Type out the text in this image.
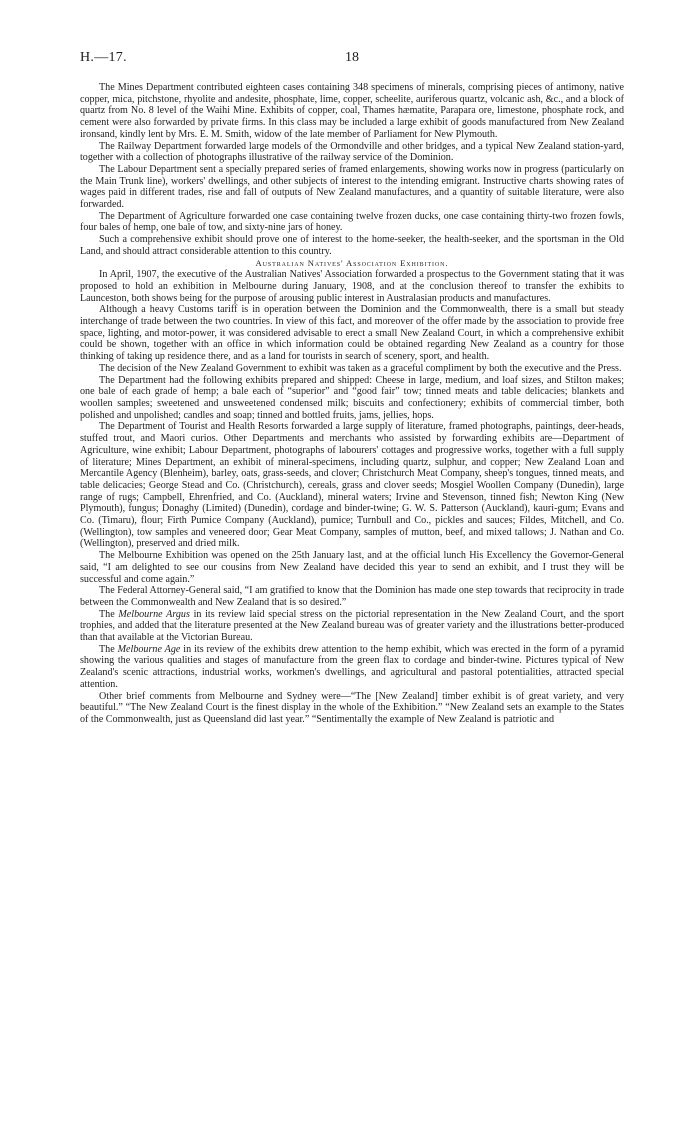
H.—17.	18

The Mines Department contributed eighteen cases containing 348 specimens of minerals, comprising pieces of antimony, native copper, mica, pitchstone, rhyolite and andesite, phosphate, lime, copper, scheelite, auriferous quartz, volcanic ash, &c., and a block of quartz from No. 8 level of the Waihi Mine. Exhibits of copper, coal, Thames hæmatite, Parapara ore, limestone, phosphate rock, and cement were also forwarded by private firms. In this class may be included a large exhibit of goods manufactured from New Zealand ironsand, kindly lent by Mrs. E. M. Smith, widow of the late member of Parliament for New Plymouth.

The Railway Department forwarded large models of the Ormondville and other bridges, and a typical New Zealand station-yard, together with a collection of photographs illustrative of the railway service of the Dominion.

The Labour Department sent a specially prepared series of framed enlargements, showing works now in progress (particularly on the Main Trunk line), workers' dwellings, and other subjects of interest to the intending emigrant. Instructive charts showing rates of wages paid in different trades, rise and fall of outputs of New Zealand manufactures, and a quantity of suitable literature, were also forwarded.

The Department of Agriculture forwarded one case containing twelve frozen ducks, one case containing thirty-two frozen fowls, four bales of hemp, one bale of tow, and sixty-nine jars of honey.

Such a comprehensive exhibit should prove one of interest to the home-seeker, the health-seeker, and the sportsman in the Old Land, and should attract considerable attention to this country.

Australian Natives' Association Exhibition.

In April, 1907, the executive of the Australian Natives' Association forwarded a prospectus to the Government stating that it was proposed to hold an exhibition in Melbourne during January, 1908, and at the conclusion thereof to transfer the exhibits to Launceston, both shows being for the purpose of arousing public interest in Australasian products and manufactures.

Although a heavy Customs tariff is in operation between the Dominion and the Commonwealth, there is a small but steady interchange of trade between the two countries. In view of this fact, and moreover of the offer made by the association to provide free space, lighting, and motor-power, it was considered advisable to erect a small New Zealand Court, in which a comprehensive exhibit could be shown, together with an office in which information could be obtained regarding New Zealand as a country for those thinking of taking up residence there, and as a land for tourists in search of scenery, sport, and health.

The decision of the New Zealand Government to exhibit was taken as a graceful compliment by both the executive and the Press.

The Department had the following exhibits prepared and shipped: Cheese in large, medium, and loaf sizes, and Stilton makes; one bale of each grade of hemp; a bale each of “superior” and “good fair” tow; tinned meats and table delicacies; blankets and woollen samples; sweetened and unsweetened condensed milk; biscuits and confectionery; exhibits of commercial timber, both polished and unpolished; candles and soap; tinned and bottled fruits, jams, jellies, hops.

The Department of Tourist and Health Resorts forwarded a large supply of literature, framed photographs, paintings, deer-heads, stuffed trout, and Maori curios. Other Departments and merchants who assisted by forwarding exhibits are—Department of Agriculture, wine exhibit; Labour Department, photographs of labourers' cottages and progressive works, together with a full supply of literature; Mines Department, an exhibit of mineral-specimens, including quartz, sulphur, and copper; New Zealand Loan and Mercantile Agency (Blenheim), barley, oats, grass-seeds, and clover; Christchurch Meat Company, sheep's tongues, tinned meats, and table delicacies; George Stead and Co. (Christchurch), cereals, grass and clover seeds; Mosgiel Woollen Company (Dunedin), large range of rugs; Campbell, Ehrenfried, and Co. (Auckland), mineral waters; Irvine and Stevenson, tinned fish; Newton King (New Plymouth), fungus; Donaghy (Limited) (Dunedin), cordage and binder-twine; G. W. S. Patterson (Auckland), kauri-gum; Evans and Co. (Timaru), flour; Firth Pumice Company (Auckland), pumice; Turnbull and Co., pickles and sauces; Fildes, Mitchell, and Co. (Wellington), tow samples and veneered door; Gear Meat Company, samples of mutton, beef, and mixed tallows; J. Nathan and Co. (Wellington), preserved and dried milk.

The Melbourne Exhibition was opened on the 25th January last, and at the official lunch His Excellency the Governor-General said, “I am delighted to see our cousins from New Zealand have decided this year to send an exhibit, and I trust they will be successful and come again.”

The Federal Attorney-General said, “I am gratified to know that the Dominion has made one step towards that reciprocity in trade between the Commonwealth and New Zealand that is so desired.”

The Melbourne Argus in its review laid special stress on the pictorial representation in the New Zealand Court, and the sport trophies, and added that the literature presented at the New Zealand bureau was of greater variety and the illustrations better-produced than that available at the Victorian Bureau.

The Melbourne Age in its review of the exhibits drew attention to the hemp exhibit, which was erected in the form of a pyramid showing the various qualities and stages of manufacture from the green flax to cordage and binder-twine. Pictures typical of New Zealand's scenic attractions, industrial works, workmen's dwellings, and agricultural and pastoral potentialities, attracted special attention.

Other brief comments from Melbourne and Sydney were—“The [New Zealand] timber exhibit is of great variety, and very beautiful.” “The New Zealand Court is the finest display in the whole of the Exhibition.” “New Zealand sets an example to the States of the Commonwealth, just as Queensland did last year.” “Sentimentally the example of New Zealand is patriotic and
